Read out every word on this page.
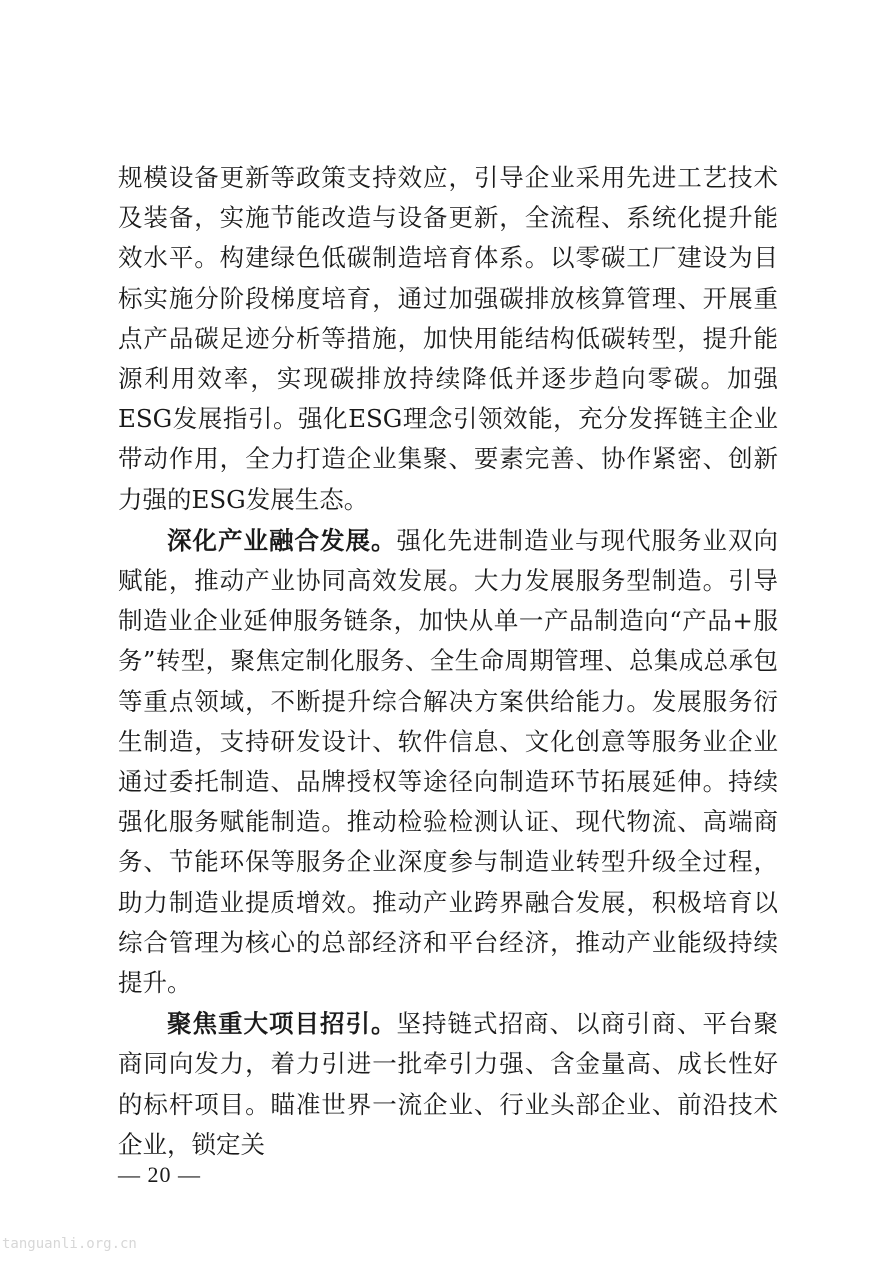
规模设备更新等政策支持效应，引导企业采用先进工艺技术及装备，实施节能改造与设备更新，全流程、系统化提升能效水平。构建绿色低碳制造培育体系。以零碳工厂建设为目标实施分阶段梯度培育，通过加强碳排放核算管理、开展重点产品碳足迹分析等措施，加快用能结构低碳转型，提升能源利用效率，实现碳排放持续降低并逐步趋向零碳。加强ESG发展指引。强化ESG理念引领效能，充分发挥链主企业带动作用，全力打造企业集聚、要素完善、协作紧密、创新力强的ESG发展生态。

深化产业融合发展。强化先进制造业与现代服务业双向赋能，推动产业协同高效发展。大力发展服务型制造。引导制造业企业延伸服务链条，加快从单一产品制造向“产品+服务”转型，聚焦定制化服务、全生命周期管理、总集成总承包等重点领域，不断提升综合解决方案供给能力。发展服务衍生制造，支持研发设计、软件信息、文化创意等服务业企业通过委托制造、品牌授权等途径向制造环节拓展延伸。持续强化服务赋能制造。推动检验检测认证、现代物流、高端商务、节能环保等服务企业深度参与制造业转型升级全过程，助力制造业提质增效。推动产业跨界融合发展，积极培育以综合管理为核心的总部经济和平台经济，推动产业能级持续提升。

聚焦重大项目招引。坚持链式招商、以商引商、平台聚商同向发力，着力引进一批牵引力强、含金量高、成长性好的标杆项目。瞄准世界一流企业、行业头部企业、前沿技术企业，锁定关

— 20 —
tanguanli.org.cn
